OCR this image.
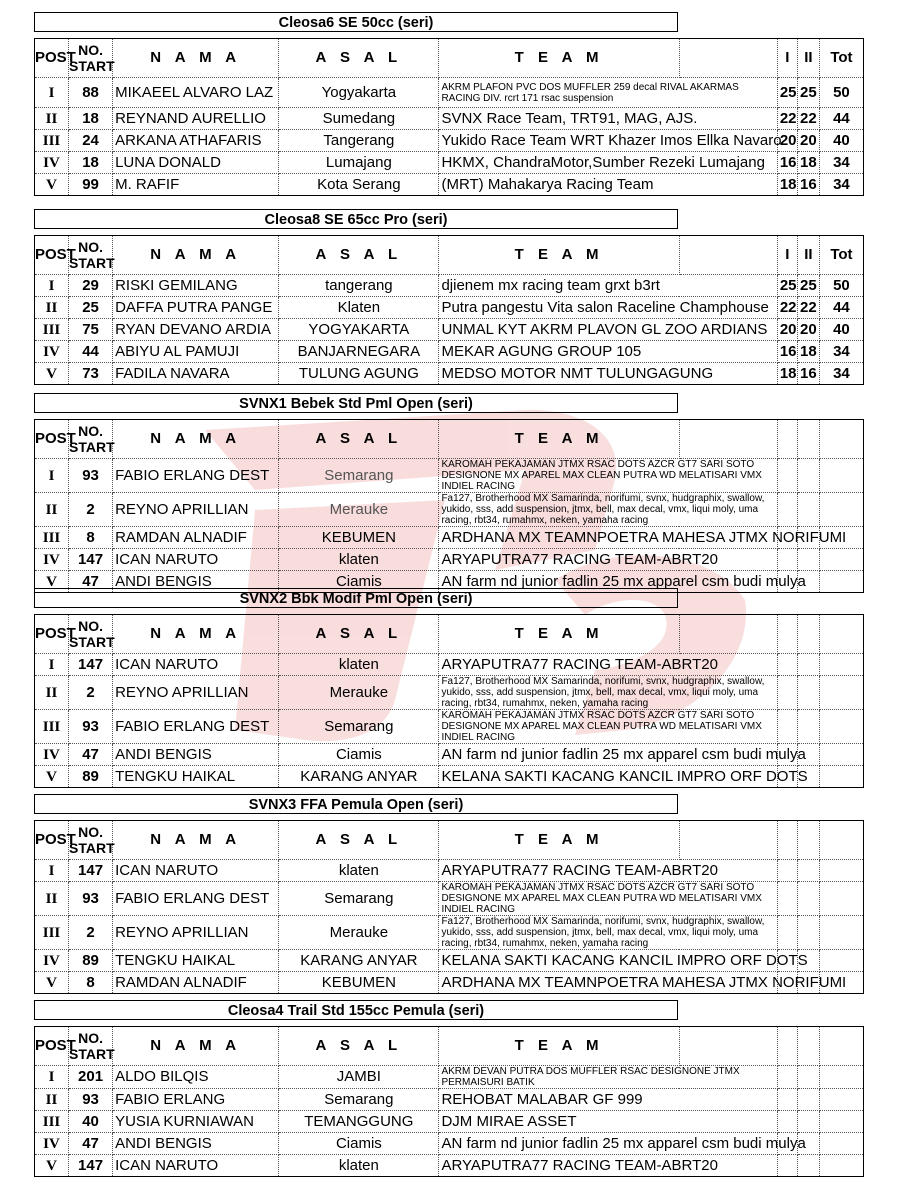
Cleosa6 SE 50cc (seri)
POST	NO. START	N A M A	A S A L	T E A M		I	II	Tot
I	88	MIKAEEL ALVARO LAZ	Yogyakarta	AKRM PLAFON PVC DOS MUFFLER 259 decal RIVAL AKARMAS RACING DIV. rcrt 171 rsac suspension		25	25	50
II	18	REYNAND AURELLIO	Sumedang	SVNX Race Team, TRT91, MAG, AJS.		22	22	44
III	24	ARKANA ATHAFARIS	Tangerang	Yukido Race Team WRT Khazer Imos Ellka Navaro		20	20	40
IV	18	LUNA DONALD	Lumajang	HKMX, ChandraMotor,Sumber Rezeki Lumajang		16	18	34
V	99	M. RAFIF	Kota Serang	(MRT) Mahakarya Racing Team		18	16	34
Cleosa8 SE 65cc Pro (seri)
POST	NO. START	N A M A	A S A L	T E A M		I	II	Tot
I	29	RISKI GEMILANG	tangerang	djienem mx racing team grxt b3rt		25	25	50
II	25	DAFFA PUTRA PANGE	Klaten	Putra pangestu Vita salon Raceline Champhouse		22	22	44
III	75	RYAN DEVANO ARDIA	YOGYAKARTA	UNMAL KYT AKRM PLAVON GL ZOO ARDIANS		20	20	40
IV	44	ABIYU AL PAMUJI	BANJARNEGARA	MEKAR AGUNG GROUP 105		16	18	34
V	73	FADILA NAVARA	TULUNG AGUNG	MEDSO MOTOR NMT TULUNGAGUNG		18	16	34
SVNX1 Bebek Std Pml Open (seri)
POST	NO. START	N A M A	A S A L	T E A M				
I	93	FABIO ERLANG DEST	Semarang	KAROMAH PEKAJAMAN JTMX RSAC DOTS AZCR GT7 SARI SOTO DESIGNONE MX APAREL MAX CLEAN PUTRA WD MELATISARI VMX INDIEL RACING				
II	2	REYNO APRILLIAN	Merauke	Fa127, Brotherhood MX Samarinda, norifumi, svnx, hudgraphix, swallow, yukido, sss, add suspension, jtmx, bell, max decal, vmx, liqui moly, uma racing, rbt34, rumahmx, neken, yamaha racing				
III	8	RAMDAN ALNADIF	KEBUMEN	ARDHANA MX TEAMNPOETRA MAHESA JTMX NORIFUMI				
IV	147	ICAN NARUTO	klaten	ARYAPUTRA77 RACING TEAM-ABRT20				
V	47	ANDI BENGIS	Ciamis	AN farm nd junior fadlin 25 mx apparel csm budi mulya				
SVNX2 Bbk Modif Pml Open (seri)
POST	NO. START	N A M A	A S A L	T E A M				
I	147	ICAN NARUTO	klaten	ARYAPUTRA77 RACING TEAM-ABRT20				
II	2	REYNO APRILLIAN	Merauke	Fa127, Brotherhood MX Samarinda, norifumi, svnx, hudgraphix, swallow, yukido, sss, add suspension, jtmx, bell, max decal, vmx, liqui moly, uma racing, rbt34, rumahmx, neken, yamaha racing				
III	93	FABIO ERLANG DEST	Semarang	KAROMAH PEKAJAMAN JTMX RSAC DOTS AZCR GT7 SARI SOTO DESIGNONE MX APAREL MAX CLEAN PUTRA WD MELATISARI VMX INDIEL RACING				
IV	47	ANDI BENGIS	Ciamis	AN farm nd junior fadlin 25 mx apparel csm budi mulya				
V	89	TENGKU HAIKAL	KARANG ANYAR	KELANA SAKTI KACANG KANCIL IMPRO ORF DOTS				
SVNX3 FFA Pemula Open (seri)
POST	NO. START	N A M A	A S A L	T E A M				
I	147	ICAN NARUTO	klaten	ARYAPUTRA77 RACING TEAM-ABRT20				
II	93	FABIO ERLANG DEST	Semarang	KAROMAH PEKAJAMAN JTMX RSAC DOTS AZCR GT7 SARI SOTO DESIGNONE MX APAREL MAX CLEAN PUTRA WD MELATISARI VMX INDIEL RACING				
III	2	REYNO APRILLIAN	Merauke	Fa127, Brotherhood MX Samarinda, norifumi, svnx, hudgraphix, swallow, yukido, sss, add suspension, jtmx, bell, max decal, vmx, liqui moly, uma racing, rbt34, rumahmx, neken, yamaha racing				
IV	89	TENGKU HAIKAL	KARANG ANYAR	KELANA SAKTI KACANG KANCIL IMPRO ORF DOTS				
V	8	RAMDAN ALNADIF	KEBUMEN	ARDHANA MX TEAMNPOETRA MAHESA JTMX NORIFUMI				
Cleosa4 Trail Std 155cc Pemula (seri)
POST	NO. START	N A M A	A S A L	T E A M				
I	201	ALDO BILQIS	JAMBI	AKRM DEVAN PUTRA DOS MUFFLER RSAC DESIGNONE JTMX PERMAISURI BATIK				
II	93	FABIO ERLANG	Semarang	REHOBAT MALABAR GF 999				
III	40	YUSIA KURNIAWAN	TEMANGGUNG	DJM MIRAE ASSET				
IV	47	ANDI BENGIS	Ciamis	AN farm nd junior fadlin 25 mx apparel csm budi mulya				
V	147	ICAN NARUTO	klaten	ARYAPUTRA77 RACING TEAM-ABRT20				
